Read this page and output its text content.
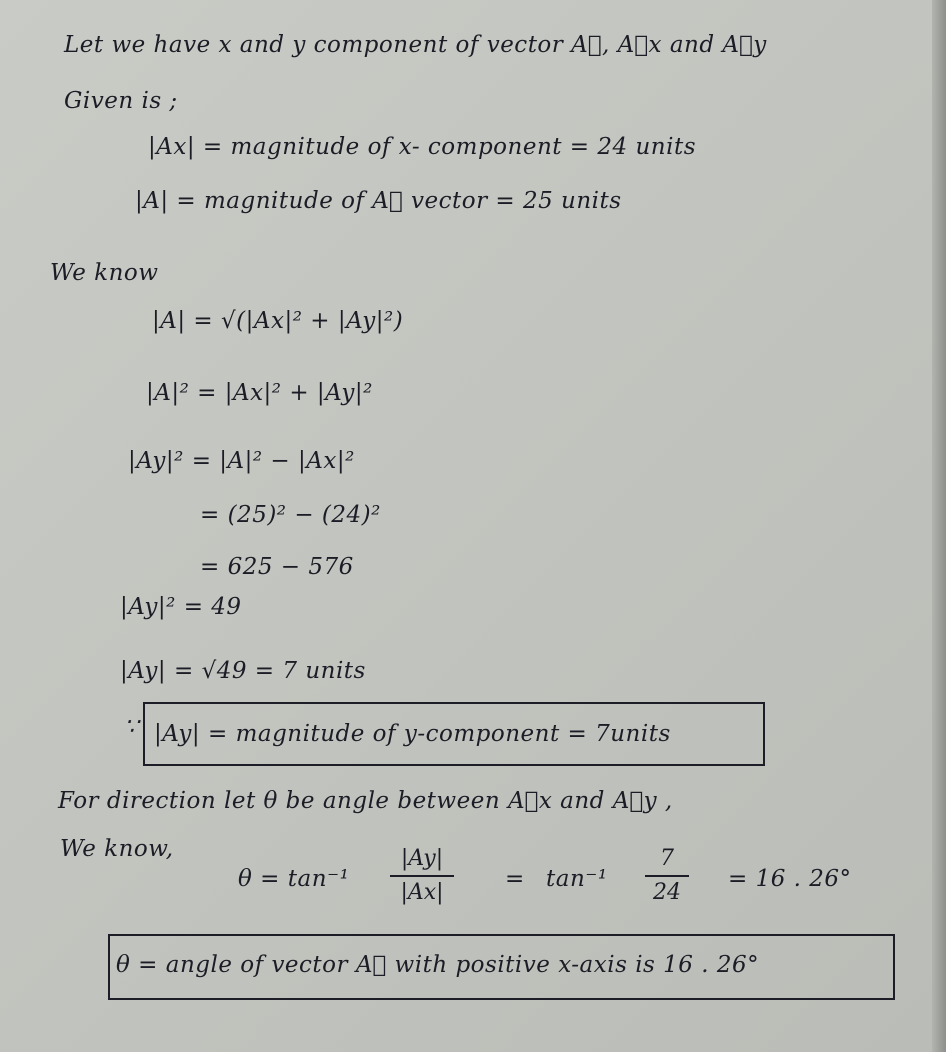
Let we have x and y component of vector A⃗, A⃗x and A⃗y
Given is ;
|Ax| = magnitude of x- component = 24 units
|A| = magnitude of A⃗ vector = 25 units
We know
|A| = √(|Ax|² + |Ay|²)
|A|² = |Ax|² + |Ay|²
|Ay|² = |A|² − |Ax|²
= (25)² − (24)²
= 625 − 576
|Ay|² = 49
|Ay| = √49 = 7 units
∵ |Ay| = magnitude of y-component = 7units
For direction let θ be angle between A⃗x and A⃗y ,
We know,
θ = tan⁻¹
|Ay|
|Ax|
= tan⁻¹
7
24
= 16 . 26°
θ = angle of vector A⃗ with positive x-axis is 16 . 26°
